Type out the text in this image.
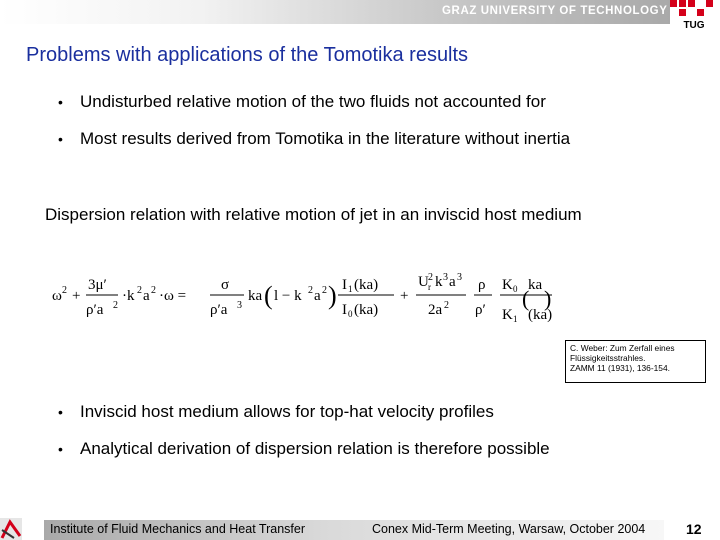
GRAZ UNIVERSITY OF TECHNOLOGY
TUG
Problems with applications of the Tomotika results
• Undisturbed relative motion of the two fluids not accounted for
• Most results derived from Tomotika in the literature without inertia
Dispersion relation with relative motion of jet in an inviscid host medium
ω 2 +
3μ′
ρ′a 2
·k 2 a 2 ·ω =
σ
ρ′a 3
ka ( l − k 2 a 2 ) I 1 (ka)
I 0 (ka)
+
U 2
r k 3 a 3
2a 2
ρ
ρ′
K 0 (
ka
)
K 1 (ka)
C. Weber: Zum Zerfall eines
Flüssigkeitsstrahles.
ZAMM 11 (1931), 136-154.
• Inviscid host medium allows for top-hat velocity profiles
• Analytical derivation of dispersion relation is therefore possible
Institute of Fluid Mechanics and Heat Transfer	Conex Mid-Term Meeting, Warsaw, October 2004	12
